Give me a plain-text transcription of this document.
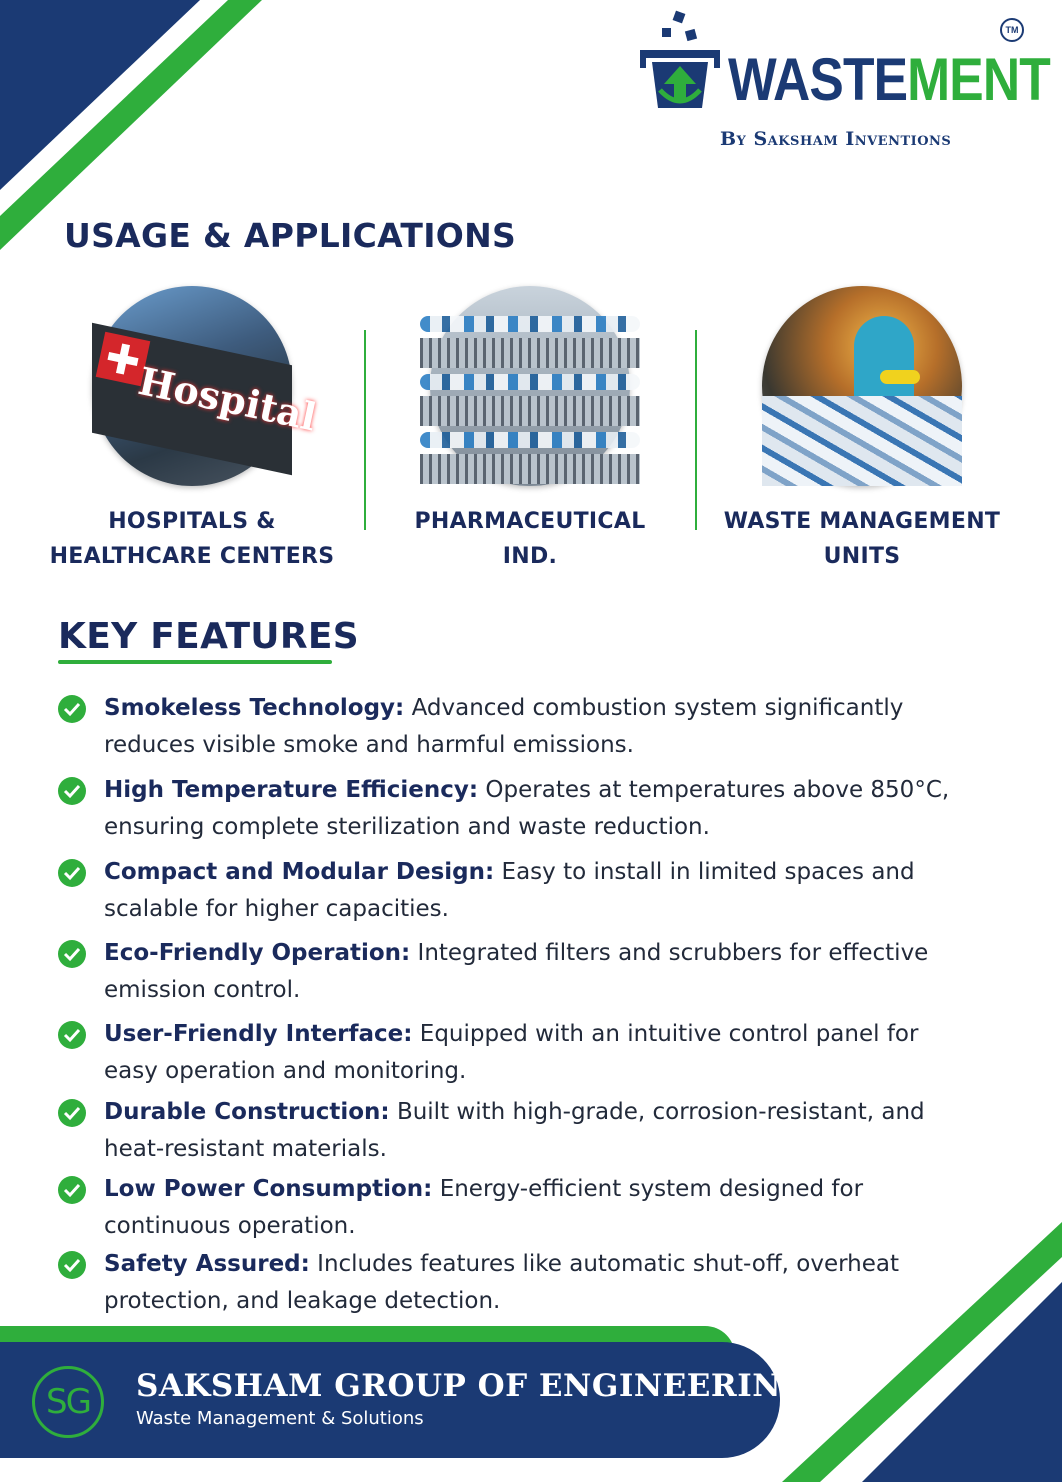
WASTEMENT
TM
By Saksham Inventions
USAGE & APPLICATIONS
Hospital
HOSPITALS &
HEALTHCARE CENTERS
PHARMACEUTICAL
IND.
WASTE MANAGEMENT
UNITS
KEY FEATURES
Smokeless Technology: Advanced combustion system significantly reduces visible smoke and harmful emissions.
High Temperature Efficiency: Operates at temperatures above 850°C, ensuring complete sterilization and waste reduction.
Compact and Modular Design: Easy to install in limited spaces and scalable for higher capacities.
Eco-Friendly Operation: Integrated filters and scrubbers for effective emission control.
User-Friendly Interface: Equipped with an intuitive control panel for easy operation and monitoring.
Durable Construction: Built with high-grade, corrosion-resistant, and heat-resistant materials.
Low Power Consumption: Energy-efficient system designed for continuous operation.
Safety Assured: Includes features like automatic shut-off, overheat protection, and leakage detection.
SG	SAKSHAM GROUP OF ENGINEERING
Waste Management & Solutions
